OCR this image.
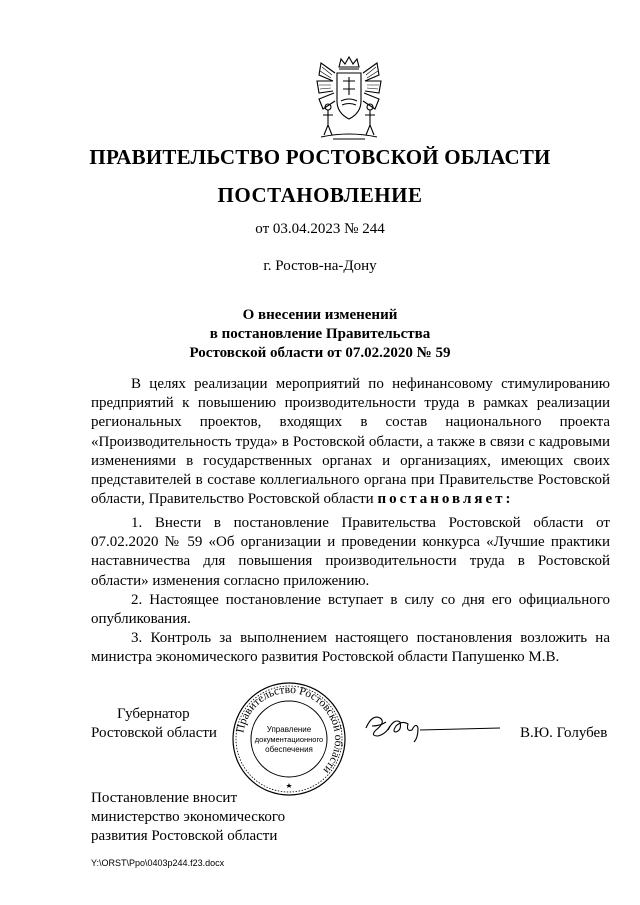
ПРАВИТЕЛЬСТВО РОСТОВСКОЙ ОБЛАСТИ
ПОСТАНОВЛЕНИЕ
от 03.04.2023 № 244
г. Ростов-на-Дону
О внесении изменений
в постановление Правительства
Ростовской области от 07.02.2020 № 59
В целях реализации мероприятий по нефинансовому стимулированию предприятий к повышению производительности труда в рамках реализации региональных проектов, входящих в состав национального проекта «Производительность труда» в Ростовской области, а также в связи с кадровыми изменениями в государственных органах и организациях, имеющих своих представителей в составе коллегиального органа при Правительстве Ростовской области, Правительство Ростовской области постановляет:
1. Внести в постановление Правительства Ростовской области от 07.02.2020 № 59 «Об организации и проведении конкурса «Лучшие практики наставничества для повышения производительности труда в Ростовской области» изменения согласно приложению.
2. Настоящее постановление вступает в силу со дня его официального опубликования.
3. Контроль за выполнением настоящего постановления возложить на министра экономического развития Ростовской области Папушенко М.В.
Губернатор
Ростовской области Правительство Ростовской области
Управление
документационного
обеспечения
В.Ю. Голубев
Постановление вносит
министерство экономического
развития Ростовской области
Y:\ORST\Ppo\0403p244.f23.docx
